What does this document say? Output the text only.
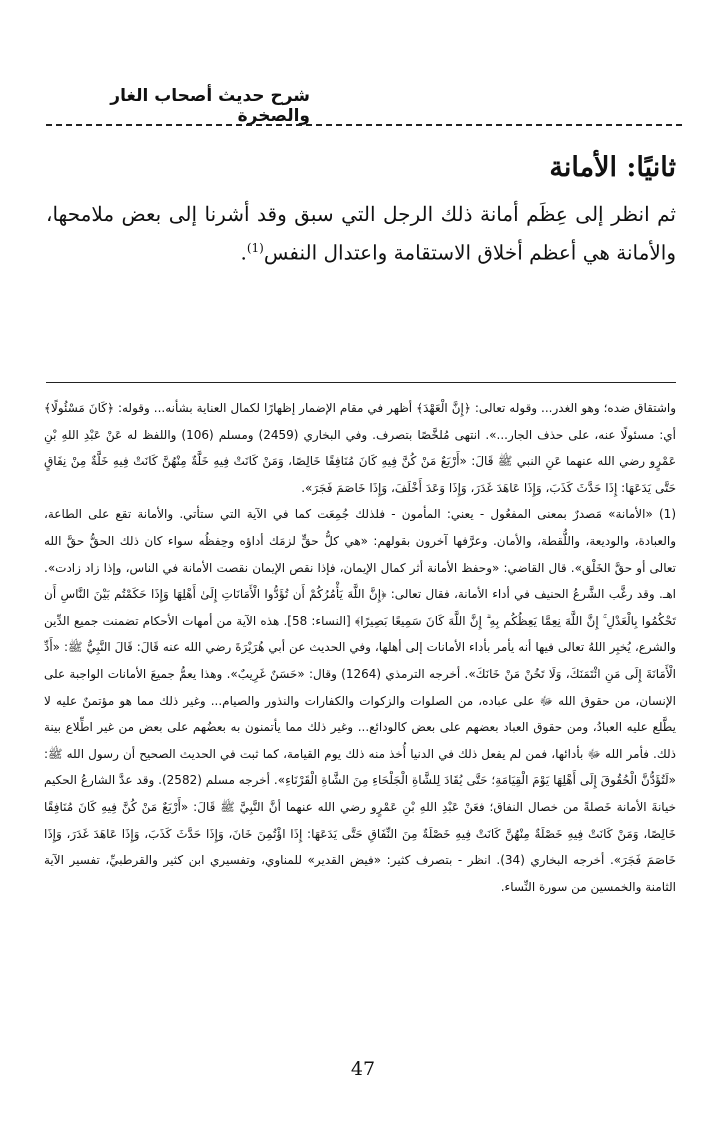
شرح حديث أصحاب الغار والصخرة
ثانيًا: الأمانة
ثم انظر إلى عِظَم أمانة ذلك الرجل التي سبق وقد أشرنا إلى بعض ملامحها، والأمانة هي أعظم أخلاق الاستقامة واعتدال النفس$^{(1)}$.

واشتقاق ضده؛ وهو الغدر... وقوله تعالى: ﴿إِنَّ الْعَهْدَ﴾ أظهر في مقام الإضمار إظهارًا لكمال العناية بشأنه... وقوله: ﴿كَانَ مَسْئُولًا﴾ أي: مسئولًا عنه، على حذف الجار...». انتهى مُلخَّصًا بتصرف. وفي البخاري (2459) ومسلم (106) واللفظ له عَنْ عَبْدِ اللهِ بْنِ عَمْرٍو رضي الله عنهما عَنِ النبي ﷺ قَالَ: «أَرْبَعٌ مَنْ كُنَّ فِيهِ كَانَ مُنَافِقًا خَالِصًا، وَمَنْ كَانَتْ فِيهِ خَلَّةٌ مِنْهُنَّ كَانَتْ فِيهِ خَلَّةٌ مِنْ نِفَاقٍ حَتَّى يَدَعَهَا: إِذَا حَدَّثَ كَذَبَ، وَإِذَا عَاهَدَ غَدَرَ، وَإِذَا وَعَدَ أَخْلَفَ، وَإِذَا خَاصَمَ فَجَرَ».

(1) «الأمانة» مَصدرٌ بمعنى المفعُول - يعني: المأمون - فلذلك جُمِعَت كما في الآية التي ستأتي. والأمانة تقع على الطاعة، والعبادة، والوديعة، واللُّقطة، والأمان. وعرَّفها آخرون بقولهم: «هي كلُّ حقٍّ لزمَك أداؤه وحِفظُه سواء كان ذلك الحقُّ حقَّ الله تعالى أو حقَّ الخَلْق». قال القاضي: «وحفظ الأمانة أثر كمال الإيمان، فإذا نقص الإيمان نقصت الأمانة في الناس، وإذا زاد زادت». اهـ. وقد رغَّب الشَّرعُ الحنيف في أداء الأمانة، فقال تعالى: ﴿إِنَّ اللَّهَ يَأْمُرُكُمْ أَن تُؤَدُّوا الْأَمَانَاتِ إِلَىٰ أَهْلِهَا وَإِذَا حَكَمْتُم بَيْنَ النَّاسِ أَن تَحْكُمُوا بِالْعَدْلِ ۚ إِنَّ اللَّهَ نِعِمَّا يَعِظُكُم بِهِ ۗ إِنَّ اللَّهَ كَانَ سَمِيعًا بَصِيرًا﴾ [النساء: 58]. هذه الآية من أمهات الأحكام تضمنت جميع الدِّين والشرع، يُخبِر اللهُ تعالى فيها أنه يأمر بأداء الأمانات إلى أهلها، وفي الحديث عن أبي هُرَيْرَةَ رضي الله عنه قَالَ: قَالَ النَّبِيُّ ﷺ: «أَدِّ الْأَمَانَةَ إِلَى مَنِ ائْتَمَنَكَ، وَلَا تَخُنْ مَنْ خَانَكَ». أخرجه الترمذي (1264) وقال: «حَسَنٌ غَرِيبٌ». وهذا يعمُّ جميعَ الأمانات الواجبة على الإنسان، من حقوق الله ﷻ على عباده، من الصلوات والزكوات والكفارات والنذور والصيام... وغير ذلك مما هو مؤتمنٌ عليه لا يطَّلع عليه العبادُ، ومن حقوق العباد بعضهم على بعض كالودائع... وغير ذلك مما يأتمنون به بعضُهم على بعض من غير اطِّلاع بينة ذلك. فأمر الله ﷻ بأدائها، فمن لم يفعل ذلك في الدنيا أُخذ منه ذلك يوم القيامة، كما ثبت في الحديث الصحيح أن رسول الله ﷺ: «لَتُؤَدُّنَّ الْحُقُوقَ إِلَى أَهْلِهَا يَوْمَ الْقِيَامَةِ؛ حَتَّى يُقَادَ لِلشَّاةِ الْجَلْحَاءِ مِنَ الشَّاةِ الْقَرْنَاءِ». أخرجه مسلم (2582). وقد عدَّ الشارعُ الحكيم خيانةَ الأمانة خَصلةً من خصال النفاق؛ فعَنْ عَبْدِ اللهِ بْنِ عَمْرٍو رضي الله عنهما أنَّ النَّبِيَّ ﷺ قَالَ: «أَرْبَعٌ مَنْ كُنَّ فِيهِ كَانَ مُنَافِقًا خَالِصًا، وَمَنْ كَانَتْ فِيهِ خَصْلَةٌ مِنْهُنَّ كَانَتْ فِيهِ خَصْلَةٌ مِنَ النِّفَاقِ حَتَّى يَدَعَهَا: إِذَا اؤْتُمِنَ خَانَ، وَإِذَا حَدَّثَ كَذَبَ، وَإِذَا عَاهَدَ غَدَرَ، وَإِذَا خَاصَمَ فَجَرَ». أخرجه البخاري (34). انظر - بتصرف كثير: «فيض القدير» للمناوي، وتفسيري ابن كثير والقرطبيِّ، تفسير الآية الثامنة والخمسين من سورة النِّساء.

47
